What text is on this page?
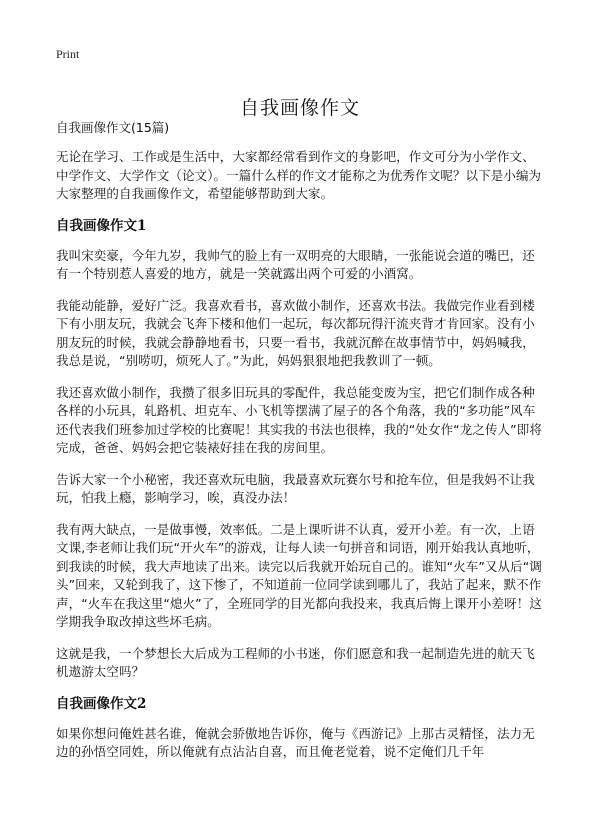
Print
自我画像作文

自我画像作文(15篇)

无论在学习、工作或是生活中，大家都经常看到作文的身影吧，作文可分为小学作文、中学作文、大学作文（论文）。一篇什么样的作文才能称之为优秀作文呢？以下是小编为大家整理的自我画像作文，希望能够帮助到大家。

自我画像作文1

我叫宋奕豪，今年九岁，我帅气的脸上有一双明亮的大眼睛，一张能说会道的嘴巴，还有一个特别惹人喜爱的地方，就是一笑就露出两个可爱的小酒窝。

我能动能静，爱好广泛。我喜欢看书，喜欢做小制作，还喜欢书法。我做完作业看到楼下有小朋友玩，我就会飞奔下楼和他们一起玩，每次都玩得汗流夹背才肯回家。没有小朋友玩的时候，我就会静静地看书，只要一看书，我就沉醉在故事情节中，妈妈喊我，我总是说，“别唠叨，烦死人了。”为此，妈妈狠狠地把我教训了一顿。

我还喜欢做小制作，我攒了很多旧玩具的零配件，我总能变废为宝，把它们制作成各种各样的小玩具，轧路机、坦克车、小飞机等摆满了屋子的各个角落，我的“多功能”风车还代表我们班参加过学校的比赛呢！其实我的书法也很棒，我的“处女作“龙之传人”即将完成，爸爸、妈妈会把它装裱好挂在我的房间里。

告诉大家一个小秘密，我还喜欢玩电脑，我最喜欢玩赛尔号和抢车位，但是我妈不让我玩，怕我上瘾，影响学习，唉，真没办法！

我有两大缺点，一是做事慢，效率低。二是上课听讲不认真，爱开小差。有一次，上语文课,李老师让我们玩“开火车”的游戏，让每人读一句拼音和词语，刚开始我认真地听，到我读的时候，我大声地读了出来。读完以后我就开始玩自己的。谁知“火车”又从后“调头”回来，又轮到我了，这下惨了，不知道前一位同学读到哪儿了，我站了起来，默不作声，“火车在我这里“熄火”了，全班同学的目光都向我投来，我真后悔上课开小差呀！这学期我争取改掉这些坏毛病。

这就是我，一个梦想长大后成为工程师的小书迷，你们愿意和我一起制造先进的航天飞机遨游太空吗？

自我画像作文2

如果你想问俺姓甚名谁，俺就会骄傲地告诉你，俺与《西游记》上那古灵精怪，法力无边的孙悟空同姓，所以俺就有点沾沾自喜，而且俺老觉着，说不定俺们几千年
